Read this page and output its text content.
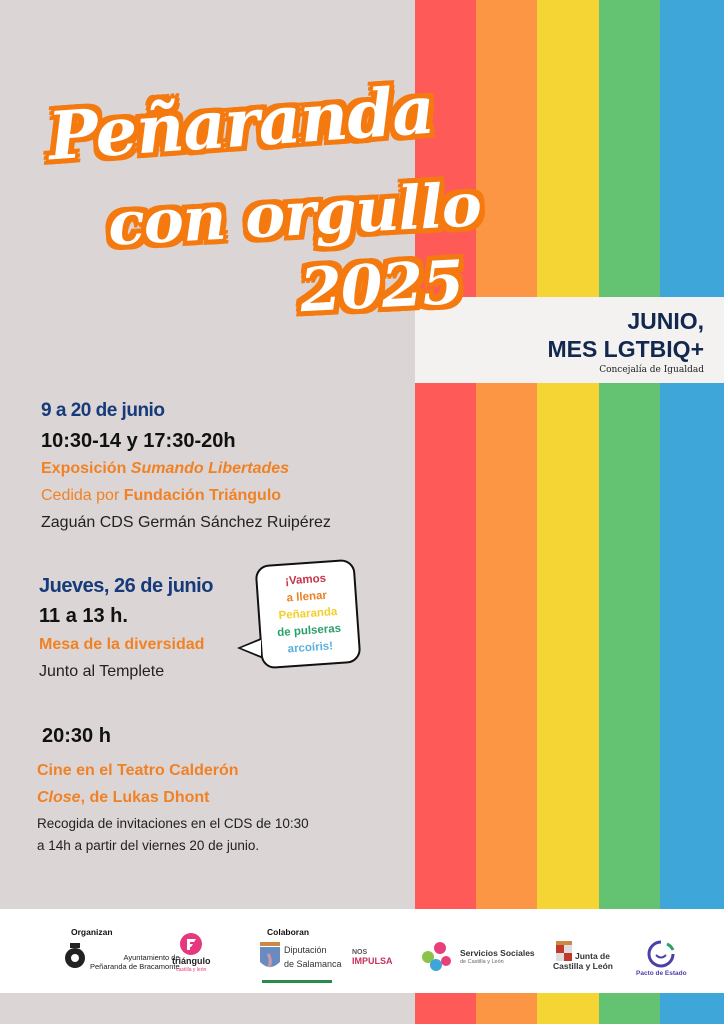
JUNIO,
MES LGTBIQ+
Concejalía de Igualdad
Peñaranda
con orgullo
2025
9 a 20 de junio
10:30-14 y 17:30-20h
Exposición Sumando Libertades
Cedida por Fundación Triángulo
Zaguán CDS Germán Sánchez Ruipérez
Jueves, 26 de junio
11 a 13 h.
Mesa de la diversidad
Junto al Templete
¡Vamos
a llenar
Peñaranda
de pulseras
arcoíris!
20:30 h
Cine en el Teatro Calderón
Close, de Lukas Dhont
Recogida de invitaciones en el CDS de 10:30
a 14h a partir del viernes 20 de junio.
Organizan	Colaboran
Ayuntamiento de
Peñaranda de Bracamonte
triángulo
castilla y león
Diputación
de Salamanca
NOS
IMPULSA
Servicios Sociales
de Castilla y León
Junta de
Castilla y León
Pacto de Estado
